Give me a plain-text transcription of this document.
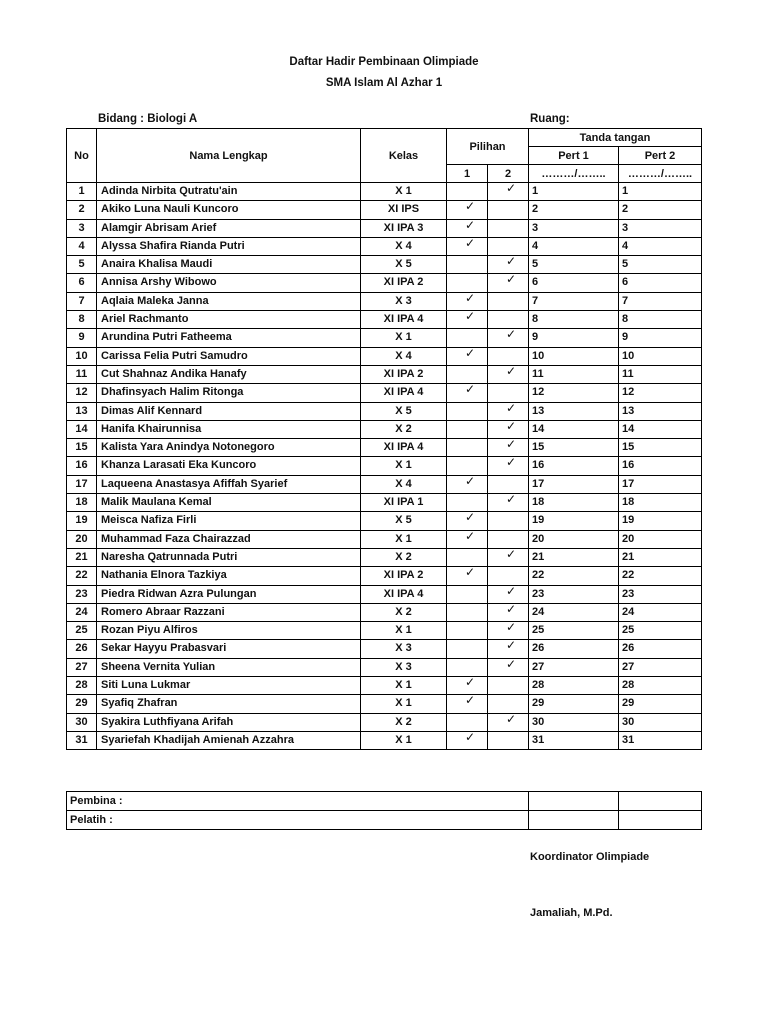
Daftar Hadir Pembinaan Olimpiade
SMA Islam Al Azhar 1
Bidang : Biologi A	Ruang:
No	Nama Lengkap	Kelas	Pilihan		Tanda tangan	
					Pert 1	Pert 2
			1	2	………/……..	………/……..
1	Adinda Nirbita Qutratu'ain	X 1		✓	1	1
2	Akiko Luna Nauli Kuncoro	XI IPS	✓		2	2
3	Alamgir Abrisam Arief	XI IPA 3	✓		3	3
4	Alyssa Shafira Rianda Putri	X 4	✓		4	4
5	Anaira Khalisa Maudi	X 5		✓	5	5
6	Annisa Arshy Wibowo	XI IPA 2		✓	6	6
7	Aqlaia Maleka Janna	X 3	✓		7	7
8	Ariel Rachmanto	XI IPA 4	✓		8	8
9	Arundina Putri Fatheema	X 1		✓	9	9
10	Carissa Felia Putri Samudro	X 4	✓		10	10
11	Cut Shahnaz Andika Hanafy	XI IPA 2		✓	11	11
12	Dhafinsyach Halim Ritonga	XI IPA 4	✓		12	12
13	Dimas Alif Kennard	X 5		✓	13	13
14	Hanifa Khairunnisa	X 2		✓	14	14
15	Kalista Yara Anindya Notonegoro	XI IPA 4		✓	15	15
16	Khanza Larasati Eka Kuncoro	X 1		✓	16	16
17	Laqueena Anastasya Afiffah Syarief	X 4	✓		17	17
18	Malik Maulana Kemal	XI IPA 1		✓	18	18
19	Meisca Nafiza Firli	X 5	✓		19	19
20	Muhammad Faza Chairazzad	X 1	✓		20	20
21	Naresha Qatrunnada Putri	X 2		✓	21	21
22	Nathania Elnora Tazkiya	XI IPA 2	✓		22	22
23	Piedra Ridwan Azra Pulungan	XI IPA 4		✓	23	23
24	Romero Abraar Razzani	X 2		✓	24	24
25	Rozan Piyu Alfiros	X 1		✓	25	25
26	Sekar Hayyu Prabasvari	X 3		✓	26	26
27	Sheena Vernita Yulian	X 3		✓	27	27
28	Siti Luna Lukmar	X 1	✓		28	28
29	Syafiq Zhafran	X 1	✓		29	29
30	Syakira Luthfiyana Arifah	X 2		✓	30	30
31	Syariefah Khadijah Amienah Azzahra	X 1	✓		31	31
Pembina :		
Pelatih :		
Koordinator Olimpiade
Jamaliah, M.Pd.
